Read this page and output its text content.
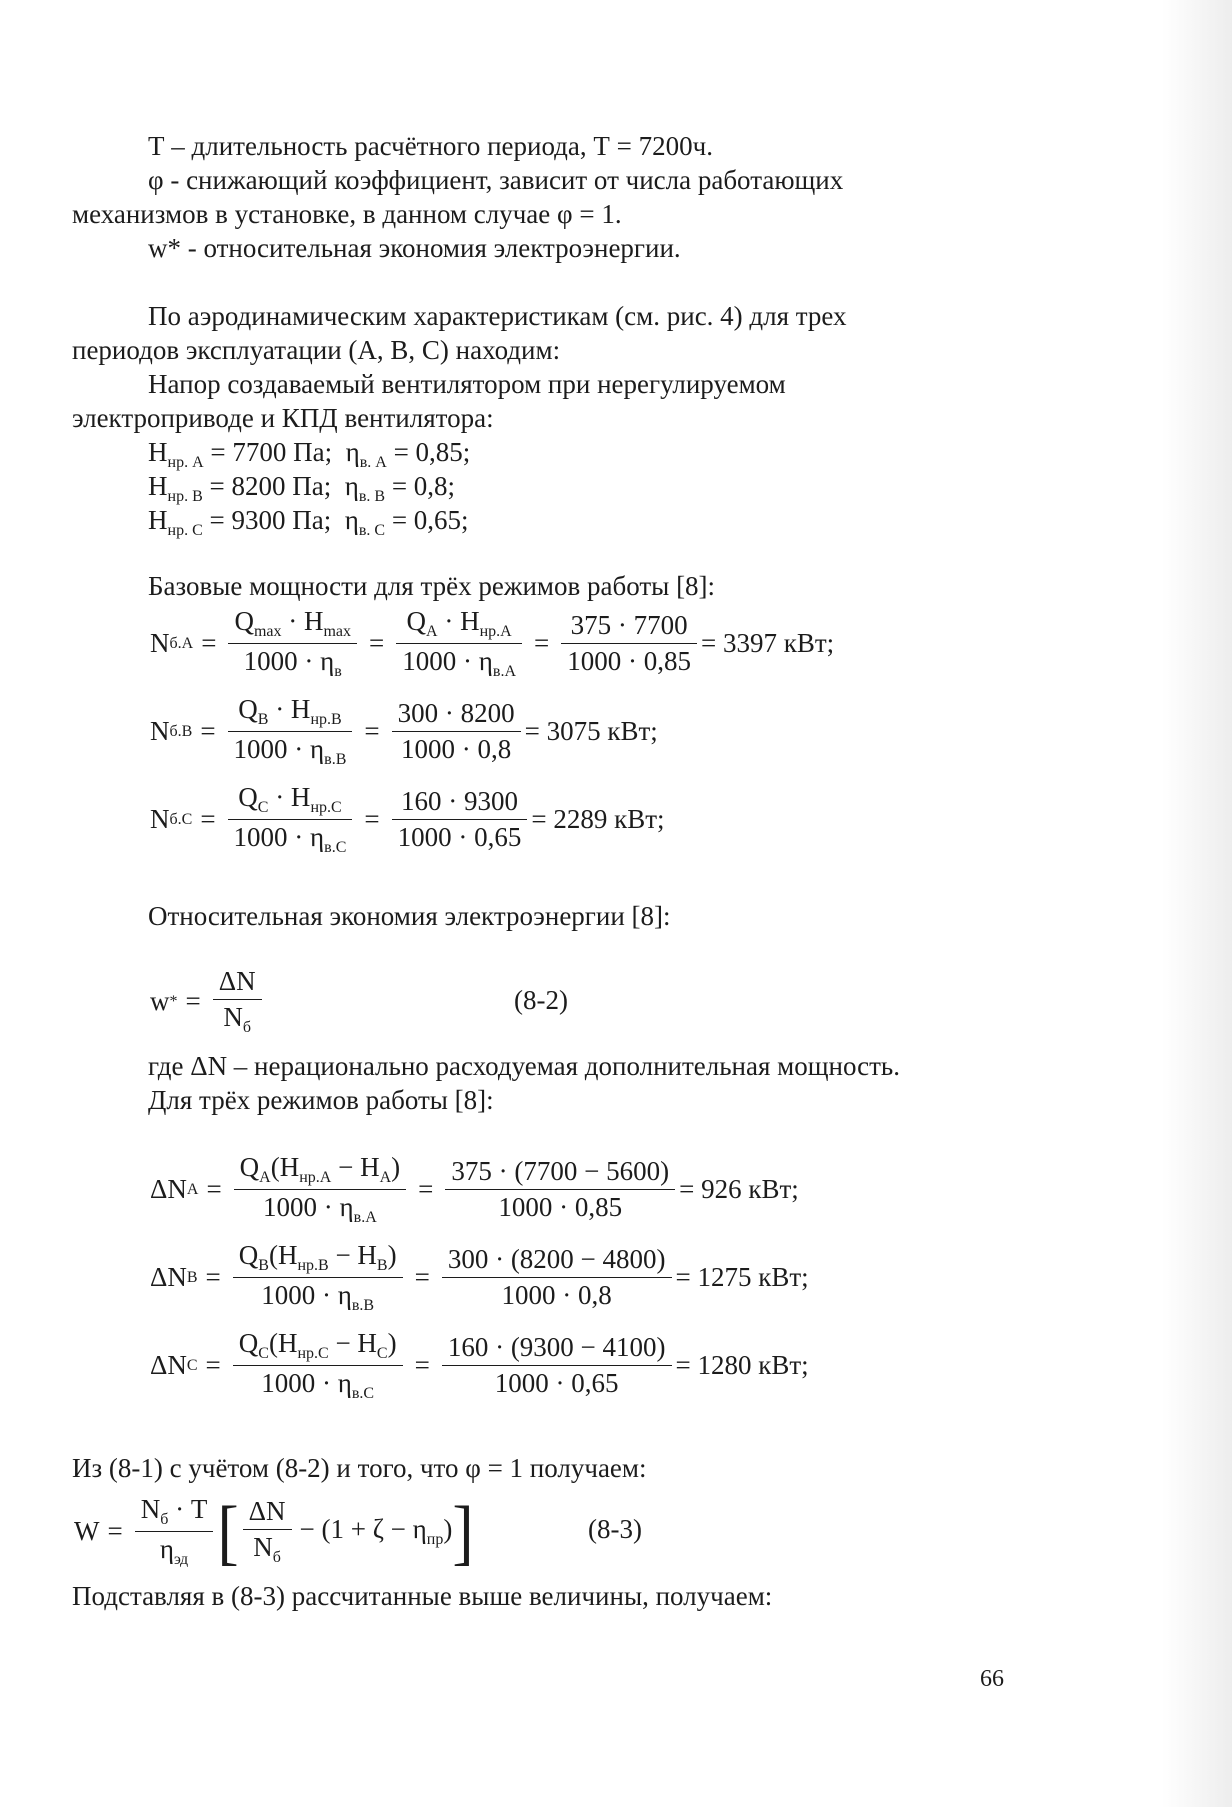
Т – длительность расчётного периода, Т = 7200ч.
φ - снижающий коэффициент, зависит от числа работающих
механизмов в установке, в данном случае φ = 1.
w* - относительная экономия электроэнергии.
По аэродинамическим характеристикам (см. рис. 4) для трех
периодов эксплуатации (А, В, С) находим:
Напор создаваемый вентилятором при нерегулируемом
электроприводе и КПД вентилятора:
$H_{нр. А} = 7700$ Па; $\eta_{в. А} = 0,85$;
$H_{нр. В} = 8200$ Па; $\eta_{в. В} = 0,8$;
$H_{нр. С} = 9300$ Па; $\eta_{в. С} = 0,65$;
Базовые мощности для трёх режимов работы [8]:
N $б.А = \frac{Q_{max} \cdot H_{max}}{1000 \cdot \eta_в} = \frac{Q_A \cdot H_{нр.А}}{1000 \cdot \eta_{в.А}} = \frac{375 \cdot 7700}{1000 \cdot 0,85} = 3397$ кВт;
N $б.В = \frac{Q_B \cdot H_{нр.В}}{1000 \cdot \eta_{в.В}} = \frac{300 \cdot 8200}{1000 \cdot 0,8} = 3075$ кВт;
N $б.С = \frac{Q_C \cdot H_{нр.С}}{1000 \cdot \eta_{в.С}} = \frac{160 \cdot 9300}{1000 \cdot 0,65} = 2289$ кВт;
Относительная экономия электроэнергии [8]:
w * = $\frac{\Delta N}{N_б}$	(8-2)
где ΔN – нерационально расходуемая дополнительная мощность.
Для трёх режимов работы [8]:
ΔN $A = \frac{Q_A(H_{нр.А} - H_A)}{1000 \cdot \eta_{в.А}} = \frac{375 \cdot (7700 - 5600)}{1000 \cdot 0,85} = 926$ кВт;
ΔN $B = \frac{Q_B(H_{нр.В} - H_B)}{1000 \cdot \eta_{в.В}} = \frac{300 \cdot (8200 - 4800)}{1000 \cdot 0,8} = 1275$ кВт;
ΔN $C = \frac{Q_C(H_{нр.С} - H_C)}{1000 \cdot \eta_{в.С}} = \frac{160 \cdot (9300 - 4100)}{1000 \cdot 0,65} = 1280$ кВт;
Из (8-1) с учётом (8-2) и того, что φ = 1 получаем:
$W = \frac{N_б \cdot T}{\eta_{эд}}$ [ $\frac{\Delta N}{N_б} - (1 + \zeta - \eta_{пр})$ ]	(8-3)
Подставляя в (8-3) рассчитанные выше величины, получаем:
66
